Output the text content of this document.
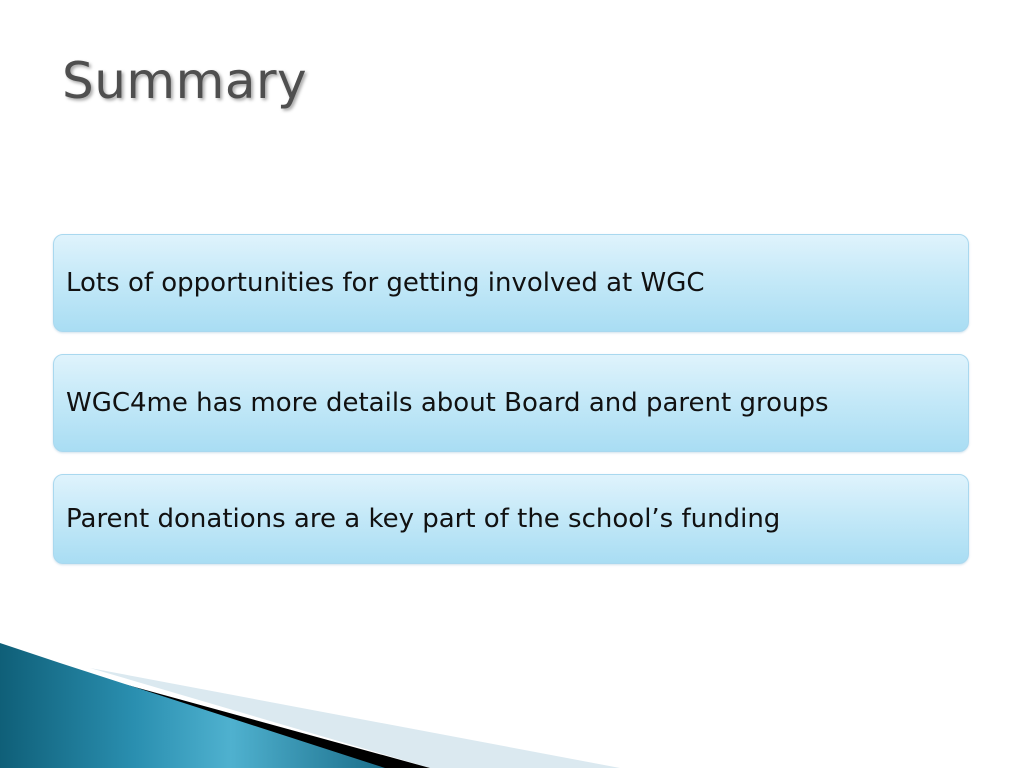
Summary
Lots of opportunities for getting involved at WGC
WGC4me has more details about Board and parent groups
Parent donations are a key part of the school’s funding
